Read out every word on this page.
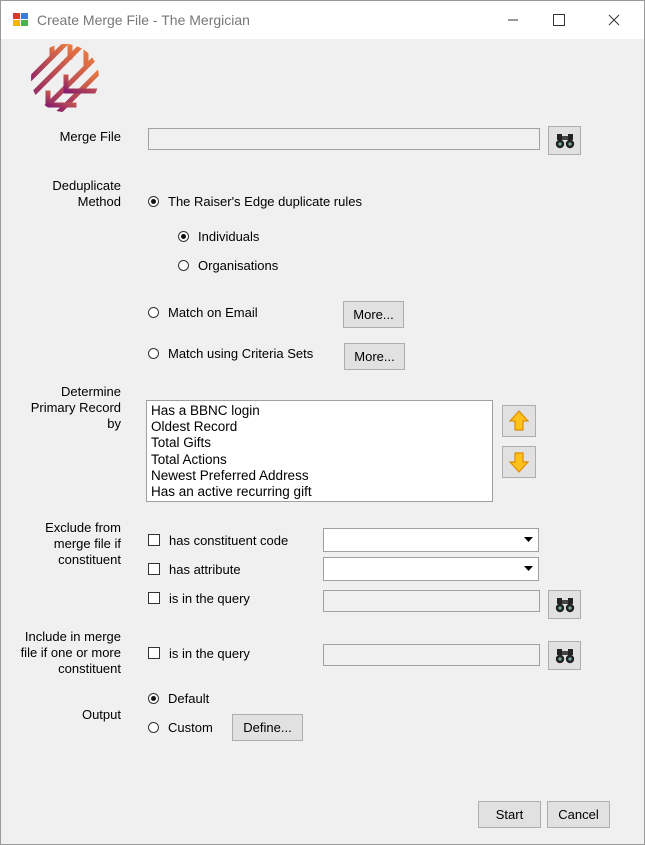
Create Merge File - The Mergician
Merge File
Deduplicate
Method	The Raiser's Edge duplicate rules
Individuals
Organisations
Match on Email	More...
Match using Criteria Sets	More...
Determine
Primary Record
by
Has a BBNC login
Oldest Record
Total Gifts
Total Actions
Newest Preferred Address
Has an active recurring gift
Exclude from
merge file if
constituent
has constituent code
has attribute
is in the query
Include in merge
file if one or more
constituent
is in the query
Output
Default
Custom	Define...
Start	Cancel
